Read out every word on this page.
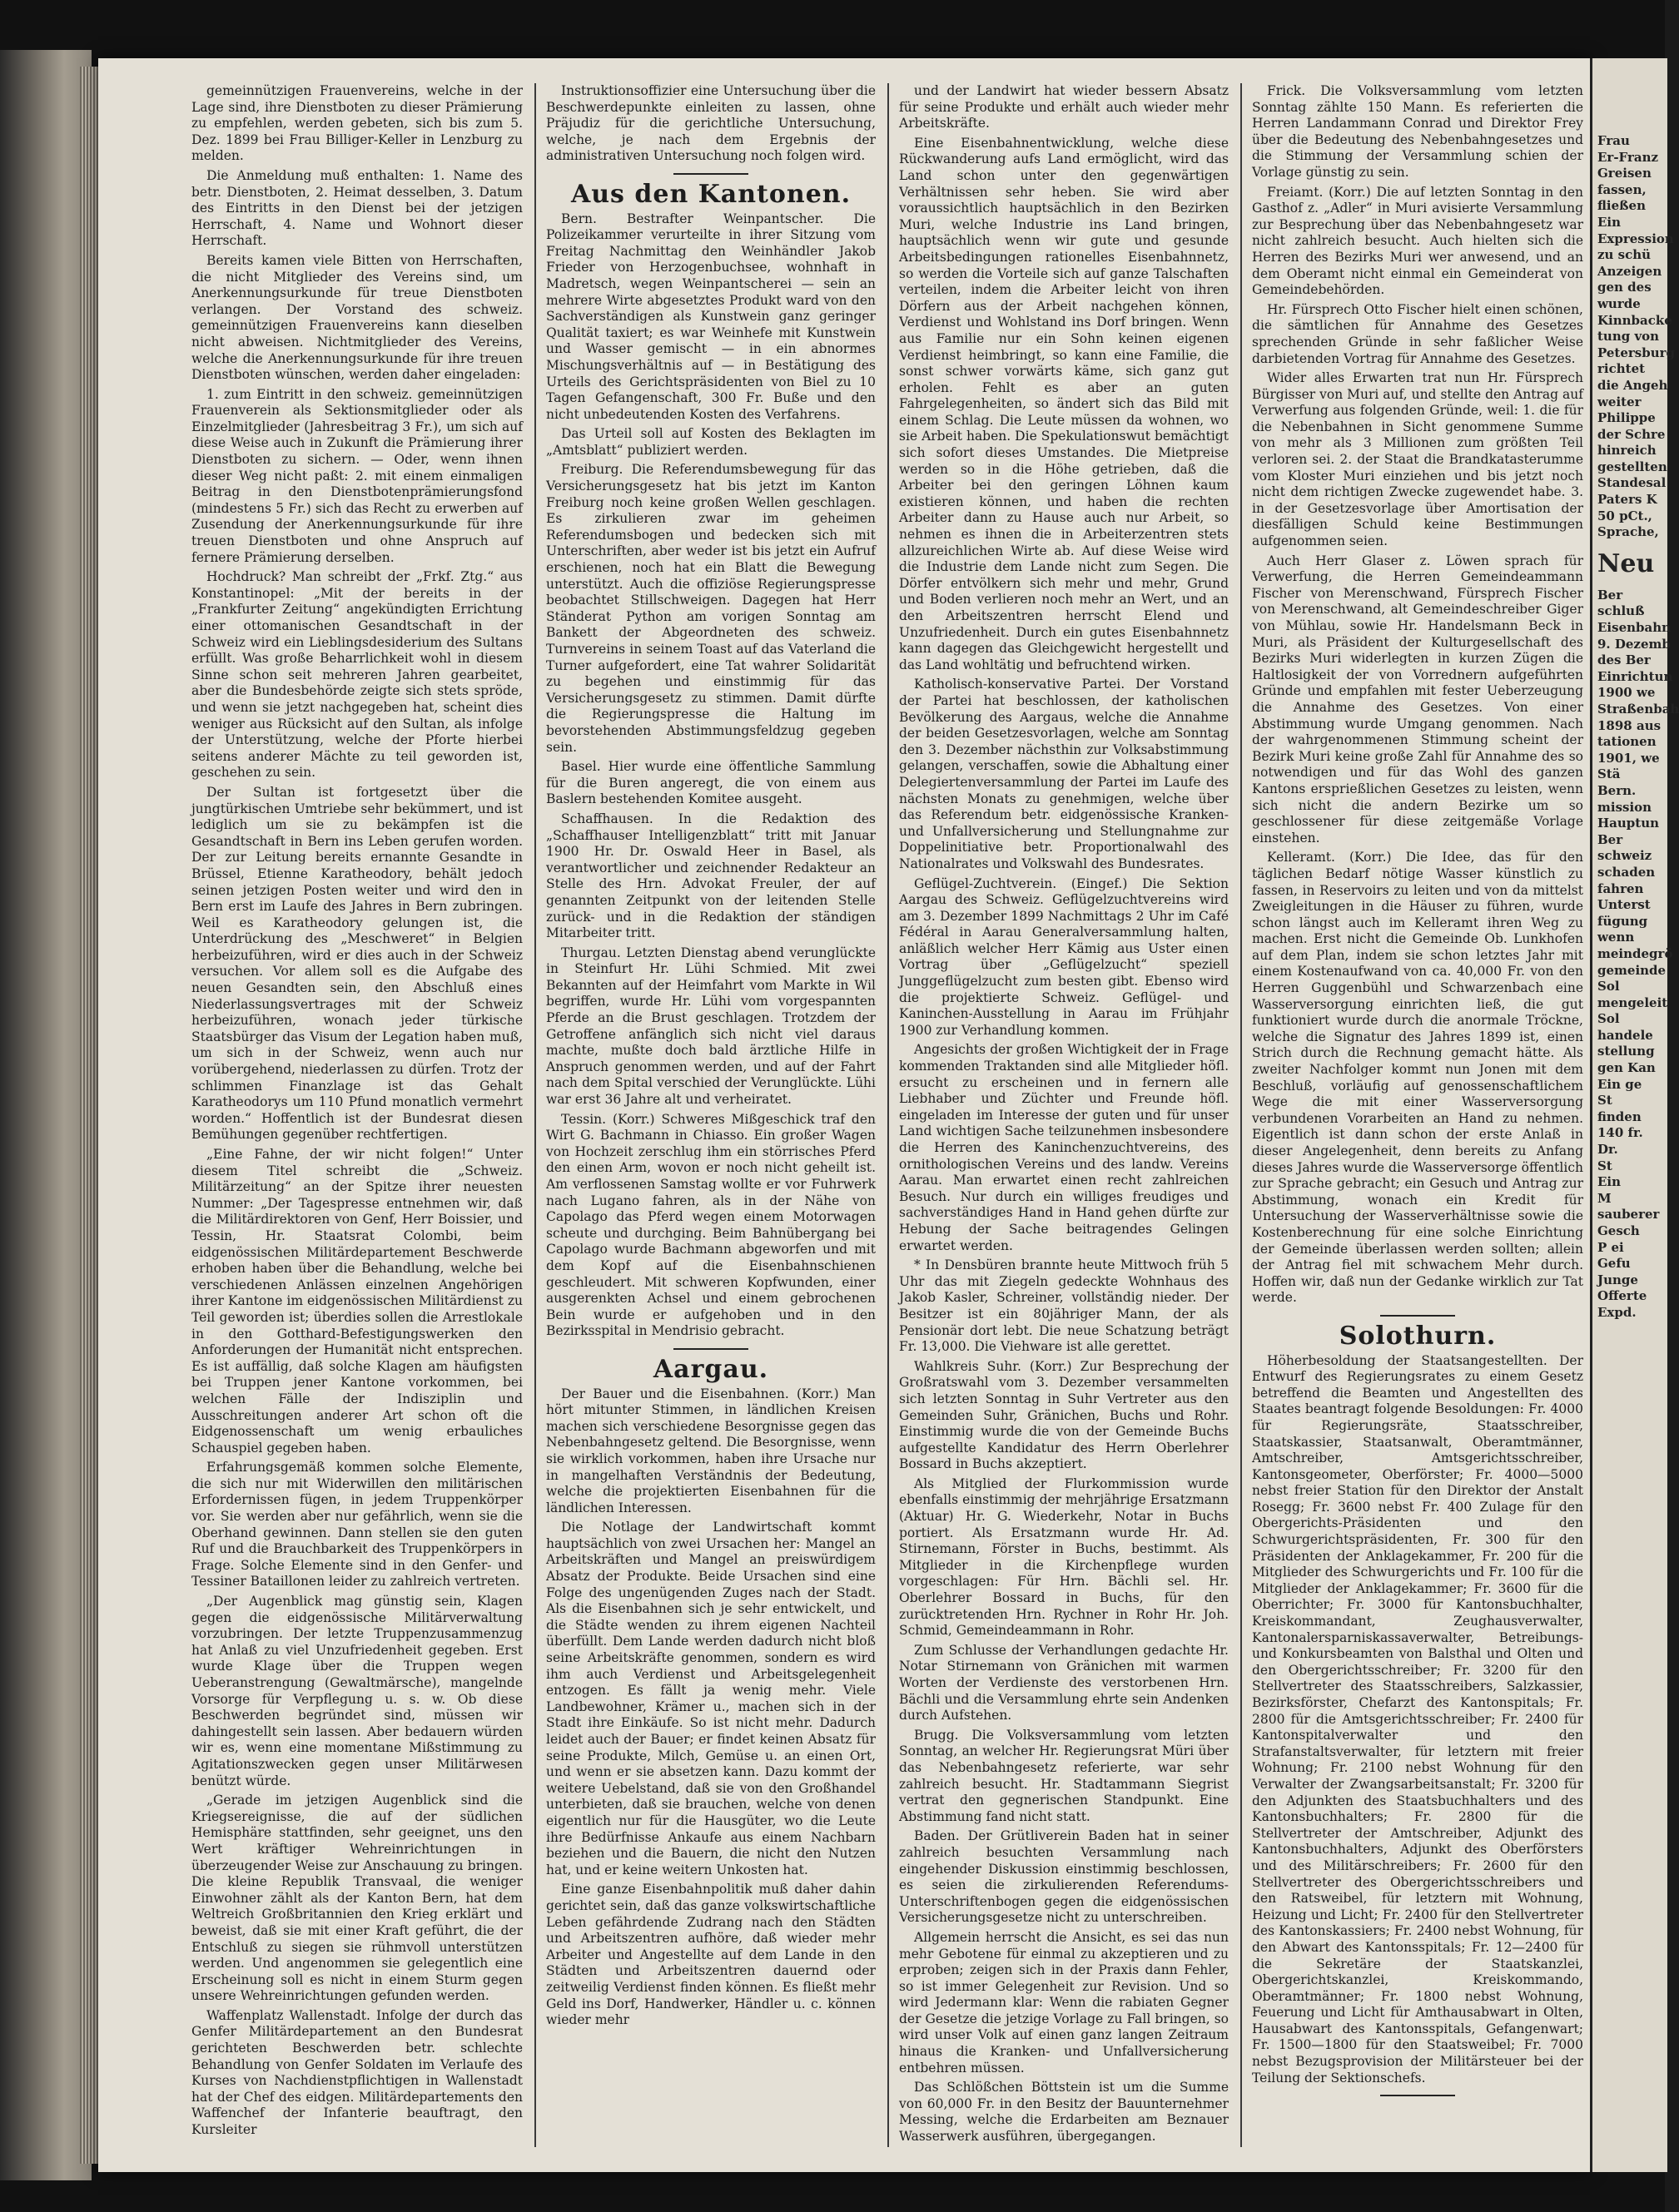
gemeinnützigen Frauenvereins, welche in der Lage sind, ihre Dienstboten zu dieser Prämierung zu empfehlen, werden gebeten, sich bis zum 5. Dez. 1899 bei Frau Billiger-Keller in Lenzburg zu melden.

Die Anmeldung muß enthalten: 1. Name des betr. Dienstboten, 2. Heimat desselben, 3. Datum des Eintritts in den Dienst bei der jetzigen Herrschaft, 4. Name und Wohnort dieser Herrschaft.

Bereits kamen viele Bitten von Herrschaften, die nicht Mitglieder des Vereins sind, um Anerkennungsurkunde für treue Dienstboten verlangen. Der Vorstand des schweiz. gemeinnützigen Frauenvereins kann dieselben nicht abweisen. Nichtmitglieder des Vereins, welche die Anerkennungsurkunde für ihre treuen Dienstboten wünschen, werden daher eingeladen:

1. zum Eintritt in den schweiz. gemeinnützigen Frauenverein als Sektionsmitglieder oder als Einzelmitglieder (Jahresbeitrag 3 Fr.), um sich auf diese Weise auch in Zukunft die Prämierung ihrer Dienstboten zu sichern. — Oder, wenn ihnen dieser Weg nicht paßt: 2. mit einem einmaligen Beitrag in den Dienstbotenprämierungsfond (mindestens 5 Fr.) sich das Recht zu erwerben auf Zusendung der Anerkennungsurkunde für ihre treuen Dienstboten und ohne Anspruch auf fernere Prämierung derselben.

Hochdruck? Man schreibt der „Frkf. Ztg.“ aus Konstantinopel: „Mit der bereits in der „Frankfurter Zeitung“ angekündigten Errichtung einer ottomanischen Gesandtschaft in der Schweiz wird ein Lieblingsdesiderium des Sultans erfüllt. Was große Beharrlichkeit wohl in diesem Sinne schon seit mehreren Jahren gearbeitet, aber die Bundesbehörde zeigte sich stets spröde, und wenn sie jetzt nachgegeben hat, scheint dies weniger aus Rücksicht auf den Sultan, als infolge der Unterstützung, welche der Pforte hierbei seitens anderer Mächte zu teil geworden ist, geschehen zu sein.

Der Sultan ist fortgesetzt über die jungtürkischen Umtriebe sehr bekümmert, und ist lediglich um sie zu bekämpfen ist die Gesandtschaft in Bern ins Leben gerufen worden. Der zur Leitung bereits ernannte Gesandte in Brüssel, Etienne Karatheodory, behält jedoch seinen jetzigen Posten weiter und wird den in Bern erst im Laufe des Jahres in Bern zubringen. Weil es Karatheodory gelungen ist, die Unterdrückung des „Meschweret“ in Belgien herbeizuführen, wird er dies auch in der Schweiz versuchen. Vor allem soll es die Aufgabe des neuen Gesandten sein, den Abschluß eines Niederlassungsvertrages mit der Schweiz herbeizuführen, wonach jeder türkische Staatsbürger das Visum der Legation haben muß, um sich in der Schweiz, wenn auch nur vorübergehend, niederlassen zu dürfen. Trotz der schlimmen Finanzlage ist das Gehalt Karatheodorys um 110 Pfund monatlich vermehrt worden.“ Hoffentlich ist der Bundesrat diesen Bemühungen gegenüber rechtfertigen.

„Eine Fahne, der wir nicht folgen!“ Unter diesem Titel schreibt die „Schweiz. Militärzeitung“ an der Spitze ihrer neuesten Nummer: „Der Tagespresse entnehmen wir, daß die Militärdirektoren von Genf, Herr Boissier, und Tessin, Hr. Staatsrat Colombi, beim eidgenössischen Militärdepartement Beschwerde erhoben haben über die Behandlung, welche bei verschiedenen Anlässen einzelnen Angehörigen ihrer Kantone im eidgenössischen Militärdienst zu Teil geworden ist; überdies sollen die Arrestlokale in den Gotthard-Befestigungswerken den Anforderungen der Humanität nicht entsprechen. Es ist auffällig, daß solche Klagen am häufigsten bei Truppen jener Kantone vorkommen, bei welchen Fälle der Indisziplin und Ausschreitungen anderer Art schon oft die Eidgenossenschaft um wenig erbauliches Schauspiel gegeben haben.

Erfahrungsgemäß kommen solche Elemente, die sich nur mit Widerwillen den militärischen Erfordernissen fügen, in jedem Truppenkörper vor. Sie werden aber nur gefährlich, wenn sie die Oberhand gewinnen. Dann stellen sie den guten Ruf und die Brauchbarkeit des Truppenkörpers in Frage. Solche Elemente sind in den Genfer- und Tessiner Bataillonen leider zu zahlreich vertreten.

„Der Augenblick mag günstig sein, Klagen gegen die eidgenössische Militärverwaltung vorzubringen. Der letzte Truppenzusammenzug hat Anlaß zu viel Unzufriedenheit gegeben. Erst wurde Klage über die Truppen wegen Ueberanstrengung (Gewaltmärsche), mangelnde Vorsorge für Verpflegung u. s. w. Ob diese Beschwerden begründet sind, müssen wir dahingestellt sein lassen. Aber bedauern würden wir es, wenn eine momentane Mißstimmung zu Agitationszwecken gegen unser Militärwesen benützt würde.

„Gerade im jetzigen Augenblick sind die Kriegsereignisse, die auf der südlichen Hemisphäre stattfinden, sehr geeignet, uns den Wert kräftiger Wehreinrichtungen in überzeugender Weise zur Anschauung zu bringen. Die kleine Republik Transvaal, die weniger Einwohner zählt als der Kanton Bern, hat dem Weltreich Großbritannien den Krieg erklärt und beweist, daß sie mit einer Kraft geführt, die der Entschluß zu siegen sie rühmvoll unterstützen werden. Und angenommen sie gelegentlich eine Erscheinung soll es nicht in einem Sturm gegen unsere Wehreinrichtungen gefunden werden.

Waffenplatz Wallenstadt. Infolge der durch das Genfer Militärdepartement an den Bundesrat gerichteten Beschwerden betr. schlechte Behandlung von Genfer Soldaten im Verlaufe des Kurses von Nachdienstpflichtigen in Wallenstadt hat der Chef des eidgen. Militärdepartements den Waffenchef der Infanterie beauftragt, den Kursleiter

Instruktionsoffizier eine Untersuchung über die Beschwerdepunkte einleiten zu lassen, ohne Präjudiz für die gerichtliche Untersuchung, welche, je nach dem Ergebnis der administrativen Untersuchung noch folgen wird.

Aus den Kantonen.

Bern. Bestrafter Weinpantscher. Die Polizeikammer verurteilte in ihrer Sitzung vom Freitag Nachmittag den Weinhändler Jakob Frieder von Herzogenbuchsee, wohnhaft in Madretsch, wegen Weinpantscherei — sein an mehrere Wirte abgesetztes Produkt ward von den Sachverständigen als Kunstwein ganz geringer Qualität taxiert; es war Weinhefe mit Kunstwein und Wasser gemischt — in ein abnormes Mischungsverhältnis auf — in Bestätigung des Urteils des Gerichtspräsidenten von Biel zu 10 Tagen Gefangenschaft, 300 Fr. Buße und den nicht unbedeutenden Kosten des Verfahrens.

Das Urteil soll auf Kosten des Beklagten im „Amtsblatt“ publiziert werden.

Freiburg. Die Referendumsbewegung für das Versicherungsgesetz hat bis jetzt im Kanton Freiburg noch keine großen Wellen geschlagen. Es zirkulieren zwar im geheimen Referendumsbogen und bedecken sich mit Unterschriften, aber weder ist bis jetzt ein Aufruf erschienen, noch hat ein Blatt die Bewegung unterstützt. Auch die offiziöse Regierungspresse beobachtet Stillschweigen. Dagegen hat Herr Ständerat Python am vorigen Sonntag am Bankett der Abgeordneten des schweiz. Turnvereins in seinem Toast auf das Vaterland die Turner aufgefordert, eine Tat wahrer Solidarität zu begehen und einstimmig für das Versicherungsgesetz zu stimmen. Damit dürfte die Regierungspresse die Haltung im bevorstehenden Abstimmungsfeldzug gegeben sein.

Basel. Hier wurde eine öffentliche Sammlung für die Buren angeregt, die von einem aus Baslern bestehenden Komitee ausgeht.

Schaffhausen. In die Redaktion des „Schaffhauser Intelligenzblatt“ tritt mit Januar 1900 Hr. Dr. Oswald Heer in Basel, als verantwortlicher und zeichnender Redakteur an Stelle des Hrn. Advokat Freuler, der auf genannten Zeitpunkt von der leitenden Stelle zurück- und in die Redaktion der ständigen Mitarbeiter tritt.

Thurgau. Letzten Dienstag abend verunglückte in Steinfurt Hr. Lühi Schmied. Mit zwei Bekannten auf der Heimfahrt vom Markte in Wil begriffen, wurde Hr. Lühi vom vorgespannten Pferde an die Brust geschlagen. Trotzdem der Getroffene anfänglich sich nicht viel daraus machte, mußte doch bald ärztliche Hilfe in Anspruch genommen werden, und auf der Fahrt nach dem Spital verschied der Verunglückte. Lühi war erst 36 Jahre alt und verheiratet.

Tessin. (Korr.) Schweres Mißgeschick traf den Wirt G. Bachmann in Chiasso. Ein großer Wagen von Hochzeit zerschlug ihm ein störrisches Pferd den einen Arm, wovon er noch nicht geheilt ist. Am verflossenen Samstag wollte er vor Fuhrwerk nach Lugano fahren, als in der Nähe von Capolago das Pferd wegen einem Motorwagen scheute und durchging. Beim Bahnübergang bei Capolago wurde Bachmann abgeworfen und mit dem Kopf auf die Eisenbahnschienen geschleudert. Mit schweren Kopfwunden, einer ausgerenkten Achsel und einem gebrochenen Bein wurde er aufgehoben und in den Bezirksspital in Mendrisio gebracht.

Aargau.

Der Bauer und die Eisenbahnen. (Korr.) Man hört mitunter Stimmen, in ländlichen Kreisen machen sich verschiedene Besorgnisse gegen das Nebenbahngesetz geltend. Die Besorgnisse, wenn sie wirklich vorkommen, haben ihre Ursache nur in mangelhaften Verständnis der Bedeutung, welche die projektierten Eisenbahnen für die ländlichen Interessen.

Die Notlage der Landwirtschaft kommt hauptsächlich von zwei Ursachen her: Mangel an Arbeitskräften und Mangel an preiswürdigem Absatz der Produkte. Beide Ursachen sind eine Folge des ungenügenden Zuges nach der Stadt. Als die Eisenbahnen sich je sehr entwickelt, und die Städte wenden zu ihrem eigenen Nachteil überfüllt. Dem Lande werden dadurch nicht bloß seine Arbeitskräfte genommen, sondern es wird ihm auch Verdienst und Arbeitsgelegenheit entzogen. Es fällt ja wenig mehr. Viele Landbewohner, Krämer u., machen sich in der Stadt ihre Einkäufe. So ist nicht mehr. Dadurch leidet auch der Bauer; er findet keinen Absatz für seine Produkte, Milch, Gemüse u. an einen Ort, und wenn er sie absetzen kann. Dazu kommt der weitere Uebelstand, daß sie von den Großhandel unterbieten, daß sie brauchen, welche von denen eigentlich nur für die Hausgüter, wo die Leute ihre Bedürfnisse Ankaufe aus einem Nachbarn beziehen und die Bauern, die nicht den Nutzen hat, und er keine weitern Unkosten hat.

Eine ganze Eisenbahnpolitik muß daher dahin gerichtet sein, daß das ganze volkswirtschaftliche Leben gefährdende Zudrang nach den Städten und Arbeitszentren aufhöre, daß wieder mehr Arbeiter und Angestellte auf dem Lande in den Städten und Arbeitszentren dauernd oder zeitweilig Verdienst finden können. Es fließt mehr Geld ins Dorf, Handwerker, Händler u. c. können wieder mehr

und der Landwirt hat wieder bessern Absatz für seine Produkte und erhält auch wieder mehr Arbeitskräfte.

Eine Eisenbahnentwicklung, welche diese Rückwanderung aufs Land ermöglicht, wird das Land schon unter den gegenwärtigen Verhältnissen sehr heben. Sie wird aber voraussichtlich hauptsächlich in den Bezirken Muri, welche Industrie ins Land bringen, hauptsächlich wenn wir gute und gesunde Arbeitsbedingungen rationelles Eisenbahnnetz, so werden die Vorteile sich auf ganze Talschaften verteilen, indem die Arbeiter leicht von ihren Dörfern aus der Arbeit nachgehen können, Verdienst und Wohlstand ins Dorf bringen. Wenn aus Familie nur ein Sohn keinen eigenen Verdienst heimbringt, so kann eine Familie, die sonst schwer vorwärts käme, sich ganz gut erholen. Fehlt es aber an guten Fahrgelegenheiten, so ändert sich das Bild mit einem Schlag. Die Leute müssen da wohnen, wo sie Arbeit haben. Die Spekulationswut bemächtigt sich sofort dieses Umstandes. Die Mietpreise werden so in die Höhe getrieben, daß die Arbeiter bei den geringen Löhnen kaum existieren können, und haben die rechten Arbeiter dann zu Hause auch nur Arbeit, so nehmen es ihnen die in Arbeiterzentren stets allzureichlichen Wirte ab. Auf diese Weise wird die Industrie dem Lande nicht zum Segen. Die Dörfer entvölkern sich mehr und mehr, Grund und Boden verlieren noch mehr an Wert, und an den Arbeitszentren herrscht Elend und Unzufriedenheit. Durch ein gutes Eisenbahnnetz kann dagegen das Gleichgewicht hergestellt und das Land wohltätig und befruchtend wirken.

Katholisch-konservative Partei. Der Vorstand der Partei hat beschlossen, der katholischen Bevölkerung des Aargaus, welche die Annahme der beiden Gesetzesvorlagen, welche am Sonntag den 3. Dezember nächsthin zur Volksabstimmung gelangen, verschaffen, sowie die Abhaltung einer Delegiertenversammlung der Partei im Laufe des nächsten Monats zu genehmigen, welche über das Referendum betr. eidgenössische Kranken- und Unfallversicherung und Stellungnahme zur Doppelinitiative betr. Proportionalwahl des Nationalrates und Volkswahl des Bundesrates.

Geflügel-Zuchtverein. (Eingef.) Die Sektion Aargau des Schweiz. Geflügelzuchtvereins wird am 3. Dezember 1899 Nachmittags 2 Uhr im Café Fédéral in Aarau Generalversammlung halten, anläßlich welcher Herr Kämig aus Uster einen Vortrag über „Geflügelzucht“ speziell Junggeflügelzucht zum besten gibt. Ebenso wird die projektierte Schweiz. Geflügel- und Kaninchen-Ausstellung in Aarau im Frühjahr 1900 zur Verhandlung kommen.

Angesichts der großen Wichtigkeit der in Frage kommenden Traktanden sind alle Mitglieder höfl. ersucht zu erscheinen und in fernern alle Liebhaber und Züchter und Freunde höfl. eingeladen im Interesse der guten und für unser Land wichtigen Sache teilzunehmen insbesondere die Herren des Kaninchenzuchtvereins, des ornithologischen Vereins und des landw. Vereins Aarau. Man erwartet einen recht zahlreichen Besuch. Nur durch ein williges freudiges und sachverständiges Hand in Hand gehen dürfte zur Hebung der Sache beitragendes Gelingen erwartet werden.

* In Densbüren brannte heute Mittwoch früh 5 Uhr das mit Ziegeln gedeckte Wohnhaus des Jakob Kasler, Schreiner, vollständig nieder. Der Besitzer ist ein 80jähriger Mann, der als Pensionär dort lebt. Die neue Schatzung beträgt Fr. 13,000. Die Viehware ist alle gerettet.

Wahlkreis Suhr. (Korr.) Zur Besprechung der Großratswahl vom 3. Dezember versammelten sich letzten Sonntag in Suhr Vertreter aus den Gemeinden Suhr, Gränichen, Buchs und Rohr. Einstimmig wurde die von der Gemeinde Buchs aufgestellte Kandidatur des Herrn Oberlehrer Bossard in Buchs akzeptiert.

Als Mitglied der Flurkommission wurde ebenfalls einstimmig der mehrjährige Ersatzmann (Aktuar) Hr. G. Wiederkehr, Notar in Buchs portiert. Als Ersatzmann wurde Hr. Ad. Stirnemann, Förster in Buchs, bestimmt. Als Mitglieder in die Kirchenpflege wurden vorgeschlagen: Für Hrn. Bächli sel. Hr. Oberlehrer Bossard in Buchs, für den zurücktretenden Hrn. Rychner in Rohr Hr. Joh. Schmid, Gemeindeammann in Rohr.

Zum Schlusse der Verhandlungen gedachte Hr. Notar Stirnemann von Gränichen mit warmen Worten der Verdienste des verstorbenen Hrn. Bächli und die Versammlung ehrte sein Andenken durch Aufstehen.

Brugg. Die Volksversammlung vom letzten Sonntag, an welcher Hr. Regierungsrat Müri über das Nebenbahngesetz referierte, war sehr zahlreich besucht. Hr. Stadtammann Siegrist vertrat den gegnerischen Standpunkt. Eine Abstimmung fand nicht statt.

Baden. Der Grütliverein Baden hat in seiner zahlreich besuchten Versammlung nach eingehender Diskussion einstimmig beschlossen, es seien die zirkulierenden Referendums-Unterschriftenbogen gegen die eidgenössischen Versicherungsgesetze nicht zu unterschreiben.

Allgemein herrscht die Ansicht, es sei das nun mehr Gebotene für einmal zu akzeptieren und zu erproben; zeigen sich in der Praxis dann Fehler, so ist immer Gelegenheit zur Revision. Und so wird Jedermann klar: Wenn die rabiaten Gegner der Gesetze die jetzige Vorlage zu Fall bringen, so wird unser Volk auf einen ganz langen Zeitraum hinaus die Kranken- und Unfallversicherung entbehren müssen.

Das Schlößchen Böttstein ist um die Summe von 60,000 Fr. in den Besitz der Bauunternehmer Messing, welche die Erdarbeiten am Beznauer Wasserwerk ausführen, übergegangen.

Frick. Die Volksversammlung vom letzten Sonntag zählte 150 Mann. Es referierten die Herren Landammann Conrad und Direktor Frey über die Bedeutung des Nebenbahngesetzes und die Stimmung der Versammlung schien der Vorlage günstig zu sein.

Freiamt. (Korr.) Die auf letzten Sonntag in den Gasthof z. „Adler“ in Muri avisierte Versammlung zur Besprechung über das Nebenbahngesetz war nicht zahlreich besucht. Auch hielten sich die Herren des Bezirks Muri wer anwesend, und an dem Oberamt nicht einmal ein Gemeinderat von Gemeindebehörden.

Hr. Fürsprech Otto Fischer hielt einen schönen, die sämtlichen für Annahme des Gesetzes sprechenden Gründe in sehr faßlicher Weise darbietenden Vortrag für Annahme des Gesetzes.

Wider alles Erwarten trat nun Hr. Fürsprech Bürgisser von Muri auf, und stellte den Antrag auf Verwerfung aus folgenden Gründe, weil: 1. die für die Nebenbahnen in Sicht genommene Summe von mehr als 3 Millionen zum größten Teil verloren sei. 2. der Staat die Brandkatasterumme vom Kloster Muri einziehen und bis jetzt noch nicht dem richtigen Zwecke zugewendet habe. 3. in der Gesetzesvorlage über Amortisation der diesfälligen Schuld keine Bestimmungen aufgenommen seien.

Auch Herr Glaser z. Löwen sprach für Verwerfung, die Herren Gemeindeammann Fischer von Merenschwand, Fürsprech Fischer von Merenschwand, alt Gemeindeschreiber Giger von Mühlau, sowie Hr. Handelsmann Beck in Muri, als Präsident der Kulturgesellschaft des Bezirks Muri widerlegten in kurzen Zügen die Haltlosigkeit der von Vorrednern aufgeführten Gründe und empfahlen mit fester Ueberzeugung die Annahme des Gesetzes. Von einer Abstimmung wurde Umgang genommen. Nach der wahrgenommenen Stimmung scheint der Bezirk Muri keine große Zahl für Annahme des so notwendigen und für das Wohl des ganzen Kantons ersprießlichen Gesetzes zu leisten, wenn sich nicht die andern Bezirke um so geschlossener für diese zeitgemäße Vorlage einstehen.

Kelleramt. (Korr.) Die Idee, das für den täglichen Bedarf nötige Wasser künstlich zu fassen, in Reservoirs zu leiten und von da mittelst Zweigleitungen in die Häuser zu führen, wurde schon längst auch im Kelleramt ihren Weg zu machen. Erst nicht die Gemeinde Ob. Lunkhofen auf dem Plan, indem sie schon letztes Jahr mit einem Kostenaufwand von ca. 40,000 Fr. von den Herren Guggenbühl und Schwarzenbach eine Wasserversorgung einrichten ließ, die gut funktioniert wurde durch die anormale Tröckne, welche die Signatur des Jahres 1899 ist, einen Strich durch die Rechnung gemacht hätte. Als zweiter Nachfolger kommt nun Jonen mit dem Beschluß, vorläufig auf genossenschaftlichem Wege die mit einer Wasserversorgung verbundenen Vorarbeiten an Hand zu nehmen. Eigentlich ist dann schon der erste Anlaß in dieser Angelegenheit, denn bereits zu Anfang dieses Jahres wurde die Wasserversorge öffentlich zur Sprache gebracht; ein Gesuch und Antrag zur Abstimmung, wonach ein Kredit für Untersuchung der Wasserverhältnisse sowie die Kostenberechnung für eine solche Einrichtung der Gemeinde überlassen werden sollten; allein der Antrag fiel mit schwachem Mehr durch. Hoffen wir, daß nun der Gedanke wirklich zur Tat werde.

Solothurn.

Höherbesoldung der Staatsangestellten. Der Entwurf des Regierungsrates zu einem Gesetz betreffend die Beamten und Angestellten des Staates beantragt folgende Besoldungen: Fr. 4000 für Regierungsräte, Staatsschreiber, Staatskassier, Staatsanwalt, Oberamtmänner, Amtschreiber, Amtsgerichtsschreiber, Kantonsgeometer, Oberförster; Fr. 4000—5000 nebst freier Station für den Direktor der Anstalt Rosegg; Fr. 3600 nebst Fr. 400 Zulage für den Obergerichts-Präsidenten und den Schwurgerichtspräsidenten, Fr. 300 für den Präsidenten der Anklagekammer, Fr. 200 für die Mitglieder des Schwurgerichts und Fr. 100 für die Mitglieder der Anklagekammer; Fr. 3600 für die Oberrichter; Fr. 3000 für Kantonsbuchhalter, Kreiskommandant, Zeughausverwalter, Kantonalersparniskassaverwalter, Betreibungs- und Konkursbeamten von Balsthal und Olten und den Obergerichtsschreiber; Fr. 3200 für den Stellvertreter des Staatsschreibers, Salzkassier, Bezirksförster, Chefarzt des Kantonspitals; Fr. 2800 für die Amtsgerichtsschreiber; Fr. 2400 für Kantonspitalverwalter und den Strafanstaltsverwalter, für letztern mit freier Wohnung; Fr. 2100 nebst Wohnung für den Verwalter der Zwangsarbeitsanstalt; Fr. 3200 für den Adjunkten des Staatsbuchhalters und des Kantonsbuchhalters; Fr. 2800 für die Stellvertreter der Amtschreiber, Adjunkt des Kantonsbuchhalters, Adjunkt des Oberförsters und des Militärschreibers; Fr. 2600 für den Stellvertreter des Obergerichtsschreibers und den Ratsweibel, für letztern mit Wohnung, Heizung und Licht; Fr. 2400 für den Stellvertreter des Kantonskassiers; Fr. 2400 nebst Wohnung, für den Abwart des Kantonsspitals; Fr. 12—2400 für die Sekretäre der Staatskanzlei, Obergerichtskanzlei, Kreiskommando, Oberamtmänner; Fr. 1800 nebst Wohnung, Feuerung und Licht für Amthausabwart in Olten, Hausabwart des Kantonsspitals, Gefangenwart; Fr. 1500—1800 für den Staatsweibel; Fr. 7000 nebst Bezugsprovision der Militärsteuer bei der Teilung der Sektionschefs.

Frau
Er-Franz
Greisen
fassen,
fließen
Ein
Expression
zu schü
Anzeigen
gen des
wurde
Kinnbacke
tung von
Petersburg
richtet
die Angeh
weiter
Philippe
der Schre
hinreich
gestellten
Standesal
Paters K
50 pCt.,
Sprache,
Neu
Ber
schluß
Eisenbahn
9. Dezemb
des Ber
Einrichtun
1900 we
Straßenbah
1898 aus
tationen
1901, we
Stä
Bern.
mission
Hauptun
Ber
schweiz
schaden
fahren
Unterst
fügung
wenn
meindegrö
gemeinde
Sol
mengeleit
Sol
handele
stellung
gen Kan
Ein ge
St
finden
140 fr.
Dr.
St
Ein
M
sauberer
Gesch
P ei
Gefu
Junge
Offerte
Expd.
